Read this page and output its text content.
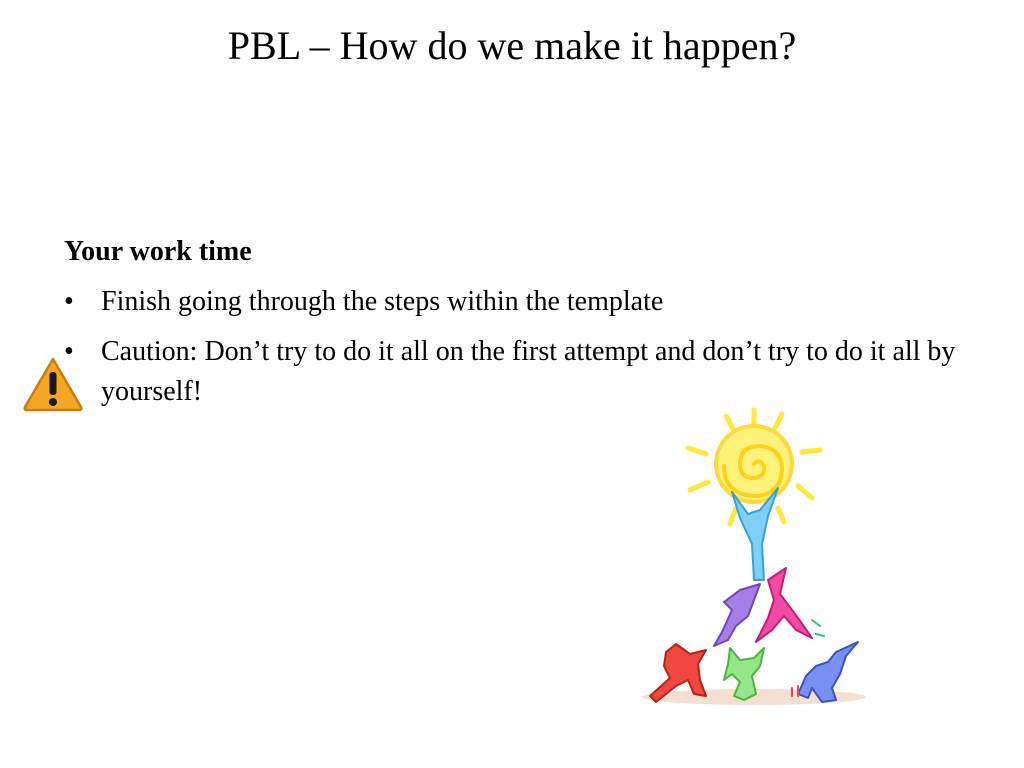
PBL – How do we make it happen?
Your work time
• Finish going through the steps within the template
• Caution: Don’t try to do it all on the first attempt and don’t try to do it all by yourself!
